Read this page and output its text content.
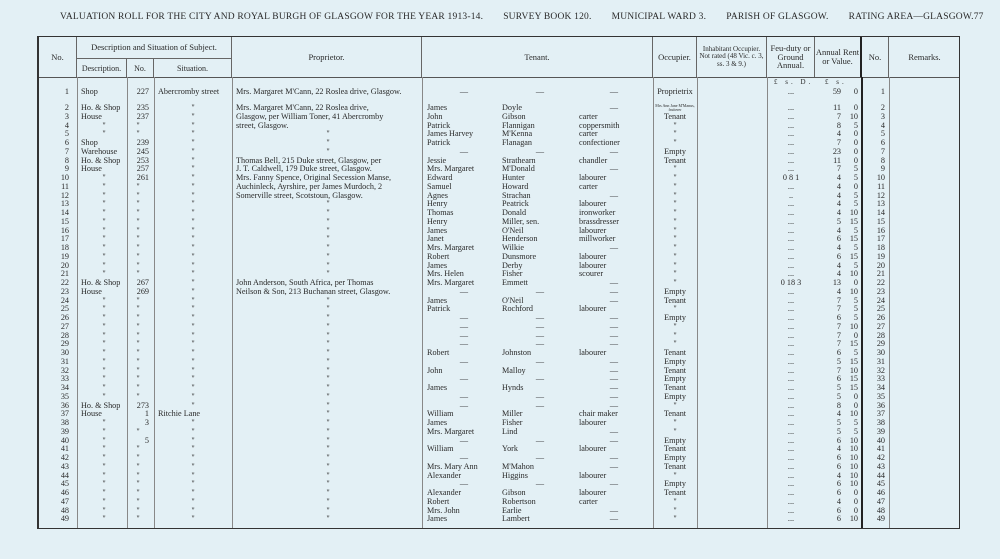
VALUATION ROLL FOR THE CITY AND ROYAL BURGH OF GLASGOW FOR THE YEAR 1913-14. SURVEY BOOK 120. MUNICIPAL WARD 3. PARISH OF GLASGOW. RATING AREA—GLASGOW. 77
No.
Description and Situation of Subject.
Description.	No.	Situation.
Proprietor.	Tenant.	Occupier.
Inhabitant Occupier. Not rated (48 Vic. c. 3, ss. 3 & 9.)
Feu-duty or Ground Annual.
Annual Rent or Value.	No.	Remarks.
£ s. D. £ s.
1 Shop	227 Abercromby street	Mrs. Margaret M'Cann, 22 Roslea drive, Glasgow.	—	—	—	Proprietrix	...	59	0	1
2 Ho. & Shop	235	"	Mrs. Margaret M'Cann, 22 Roslea drive,	James	Doyle	—	Mrs Ann Jane M'Manus, fruiterer	...	11	0	2
3 House	237	"	Glasgow, per William Toner, 41 Abercromby	John	Gibson	carter	Tenant	...	7	10	3
4	"	"	"	street, Glasgow.	Patrick	Flannigan	coppersmith	"	...	8	5	4
5	"	"	"	"	James Harvey	M'Kenna	carter	"	...	4	0	5
6 Shop	239	"	"	Patrick	Flanagan	confectioner	"	...	7	0	6
7 Warehouse	245	"	"	—	—	—	Empty	...	23	0	7
8 Ho. & Shop	253	"	Thomas Bell, 215 Duke street, Glasgow, per	Jessie	Strathearn	chandler	Tenant	...	11	0	8
9 House	257	"	J. T. Caldwell, 179 Duke street, Glasgow.	Mrs. Margaret	M'Donald	—	"	...	7	5	9
10	"	261	"	Mrs. Fanny Spence, Original Secession Manse,	Edward	Hunter	labourer	"	0 8 1	4	5	10
11	"	"	"	Auchinleck, Ayrshire, per James Murdoch, 2	Samuel	Howard	carter	"	...	4	0	11
12	"	"	"	Somerville street, Scotstoun, Glasgow.	Agnes	Strachan	—	"	..	4	5	12
13	"	"	"	"	Henry	Peatrick	labourer	"	...	4	5	13
14	"	"	"	"	Thomas	Donald	ironworker	"	...	4	10	14
15	"	"	"	"	Henry	Miller, sen.	brassdresser	"	...	5	15	15
16	"	"	"	"	James	O'Neil	labourer	"	...	4	5	16
17	"	"	"	"	Janet	Henderson	millworker	"	...	6	15	17
18	"	"	"	"	Mrs. Margaret	Wilkie	—	"	...	4	5	18
19	"	"	"	"	Robert	Dunsmore	labourer	"	...	6	15	19
20	"	"	"	"	James	Derby	labourer	"	...	4	5	20
21	"	"	"	"	Mrs. Helen	Fisher	scourer	"	...	4	10	21
22 Ho. & Shop	267	"	John Anderson, South Africa, per Thomas	Mrs. Margaret	Emmett	—	"	0 18 3	13	0	22
23 House	269	"	Neilson & Son, 213 Buchanan street, Glasgow.	—	—	—	Empty	...	4	10	23
24	"	"	"	"	James	O'Neil	—	Tenant	...	7	5	24
25	"	"	"	"	Patrick	Rochford	labourer	"	...	7	5	25
26	"	"	"	"	—	—	—	Empty	...	6	5	26
27	"	"	"	"	—	—	—	"	...	7	10	27
28	"	"	"	"	—	—	—	"	...	7	0	28
29	"	"	"	"	—	—	—	"	...	7	15	29
30	"	"	"	"	Robert	Johnston	labourer	Tenant	...	6	5	30
31	"	"	"	"	—	—	—	Empty	...	5	15	31
32	"	"	"	"	John	Malloy	—	Tenant	...	7	10	32
33	"	"	"	"	—	—	—	Empty	...	6	15	33
34	"	"	"	"	James	Hynds	—	Tenant	...	5	15	34
35	"	"	"	"	—	—	—	Empty	...	5	0	35
36 Ho. & Shop	273	"	"	—	—	—	"	...	8	0	36
37 House	1 Ritchie Lane	"	William	Miller	chair maker	Tenant	...	4	10	37
38	"	3	"	"	James	Fisher	labourer	"	...	5	5	38
39	"	"	"	"	Mrs. Margaret	Lind	—	"	...	5	5	39
40	"	5	"	"	—	—	—	Empty	...	6	10	40
41	"	"	"	"	William	York	labourer	Tenant	...	4	10	41
42	"	"	"	"	—	—	—	Empty	...	6	10	42
43	"	"	"	"	Mrs. Mary Ann	M'Mahon	—	Tenant	...	6	10	43
44	"	"	"	"	Alexander	Higgins	labourer	"	...	4	10	44
45	"	"	"	"	—	—	—	Empty	...	6	10	45
46	"	"	"	"	Alexander	Gibson	labourer	Tenant	...	6	0	46
47	"	"	"	"	Robert	Robertson	carter	"	...	4	0	47
48	"	"	"	"	Mrs. John	Earlie	—	"	...	6	0	48
49	"	"	"	"	James	Lambert	—	"	...	6	10	49
